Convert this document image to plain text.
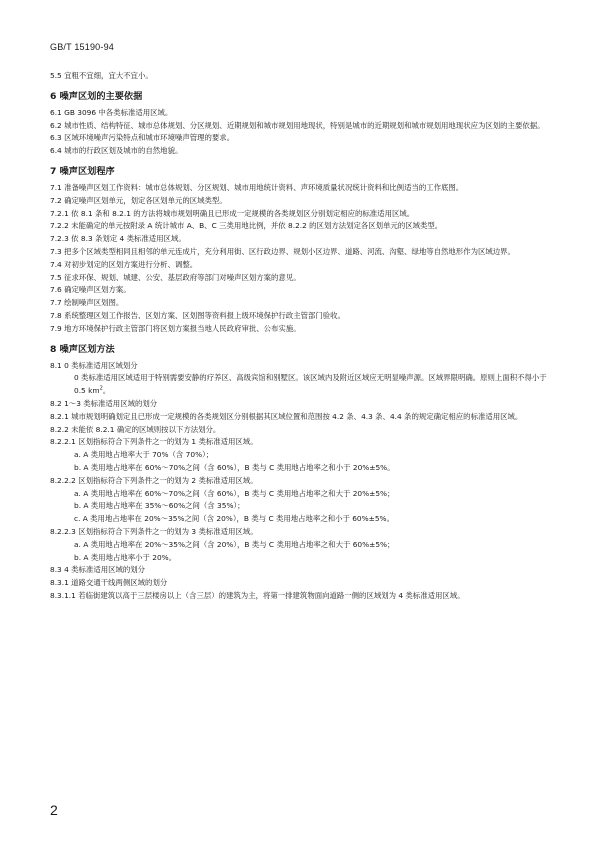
GB/T 15190-94
5.5 宜粗不宜细，宜大不宜小。
6 噪声区划的主要依据
6.1 GB 3096 中各类标准适用区域。
6.2 城市性质、结构特征、城市总体规划、分区规划、近期规划和城市规划用地现状，特别是城市的近期规划和城市规划用地现状应为区划的主要依据。
6.3 区域环境噪声污染特点和城市环境噪声管理的要求。
6.4 城市的行政区划及城市的自然地貌。
7 噪声区划程序
7.1 准备噪声区划工作资料：城市总体规划、分区规划、城市用地统计资料、声环境质量状况统计资料和比例适当的工作底图。
7.2 确定噪声区划单元，划定各区划单元的区域类型。
7.2.1 依 8.1 条和 8.2.1 的方法将城市规划明确且已形成一定规模的各类规划区分别划定相应的标准适用区域。
7.2.2 未能确定的单元按附录 A 统计城市 A、B、C 三类用地比例，并依 8.2.2 的区划方法划定各区划单元的区域类型。
7.2.3 依 8.3 条划定 4 类标准适用区域。
7.3 把多个区域类型相同且相邻的单元连成片，充分利用街、区行政边界、规划小区边界、道路、河流、沟壑、绿地等自然地形作为区域边界。
7.4 对初步划定的区划方案进行分析、调整。
7.5 征求环保、规划、城建、公安、基层政府等部门对噪声区划方案的意见。
7.6 确定噪声区划方案。
7.7 绘制噪声区划图。
7.8 系统整理区划工作报告、区划方案、区划图等资料报上级环境保护行政主管部门验收。
7.9 地方环境保护行政主管部门将区划方案报当地人民政府审批、公布实施。
8 噪声区划方法
8.1 0 类标准适用区域划分
0 类标准适用区域适用于特别需要安静的疗养区、高级宾馆和别墅区。该区域内及附近区域应无明显噪声源。区域界限明确。原则上面积不得小于 0.5 $km^2$。
8.2 1～3 类标准适用区域的划分
8.2.1 城市规划明确划定且已形成一定规模的各类规划区分别根据其区域位置和范围按 4.2 条、4.3 条、4.4 条的规定确定相应的标准适用区域。
8.2.2 未能依 8.2.1 确定的区域则按以下方法划分。
8.2.2.1 区划指标符合下列条件之一的划为 1 类标准适用区域。
a. A 类用地占地率大于 70%（含 70%）；
b. A 类用地占地率在 60%～70%之间（含 60%），B 类与 C 类用地占地率之和小于 20%±5%。
8.2.2.2 区划指标符合下列条件之一的划为 2 类标准适用区域。
a. A 类用地占地率在 60%～70%之间（含 60%），B 类与 C 类用地占地率之和大于 20%±5%；
b. A 类用地占地率在 35%～60%之间（含 35%）；
c. A 类用地占地率在 20%～35%之间（含 20%），B 类与 C 类用地占地率之和小于 60%±5%。
8.2.2.3 区划指标符合下列条件之一的划为 3 类标准适用区域。
a. A 类用地占地率在 20%～35%之间（含 20%），B 类与 C 类用地占地率之和大于 60%±5%；
b. A 类用地占地率小于 20%。
8.3 4 类标准适用区域的划分
8.3.1 道路交通干线两侧区域的划分
8.3.1.1 若临街建筑以高于三层楼房以上（含三层）的建筑为主，将第一排建筑物面向道路一侧的区域划为 4 类标准适用区域。
2
